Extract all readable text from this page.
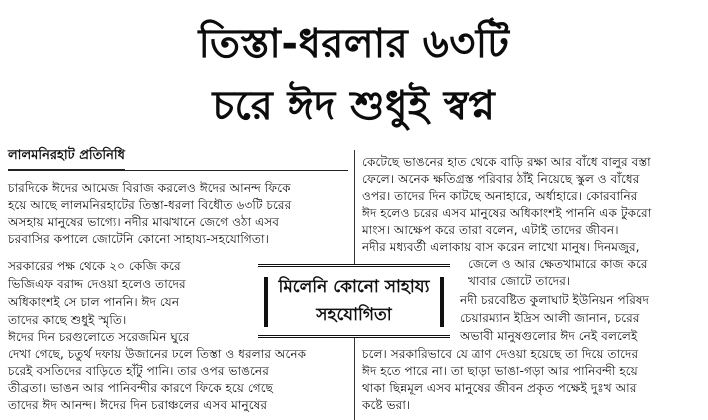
তিস্তা-ধরলার ৬৩টি
চরে ঈদ শুধুই স্বপ্ন
লালমনিরহাট প্রতিনিধি
চারদিকে ঈদের আমেজ বিরাজ করলেও ঈদের আনন্দ ফিকে
হয়ে আছে লালমনিরহাটের তিস্তা-ধরলা বিধৌত ৬৩টি চরের
অসহায় মানুষের ভাগ্যে। নদীর মাঝখানে জেগে ওঠা এসব
চরবাসির কপালে জোটেনি কোনো সাহায্য-সহযোগিতা।
সরকারের পক্ষ থেকে ২০ কেজি করে
ভিজিএফ বরাদ্দ দেওয়া হলেও তাদের
অধিকাংশই সে চাল পাননি। ঈদ যেন
তাদের কাছে শুধুই স্মৃতি।
ঈদের দিন চরগুলোতে সরেজমিন ঘুরে
দেখা গেছে, চতুর্থ দফায় উজানের ঢলে তিস্তা ও ধরলার অনেক
চরেই বসতিদের বাড়িতে হাঁটু পানি। তার ওপর ভাঙনের
তীব্রতা। ভাঙন আর পানিবন্দীর কারণে ফিকে হয়ে গেছে
তাদের ঈদ আনন্দ। ঈদের দিন চরাঞ্চলের এসব মানুষের
কেটেছে ভাঙনের হাত থেকে বাড়ি রক্ষা আর বাঁধে বালুর বস্তা
ফেলে। অনেক ক্ষতিগ্রস্ত পরিবার ঠাঁই নিয়েছে স্কুল ও বাঁধের
ওপর। তাদের দিন কাটছে অনাহারে, অর্ধাহারে। কোরবানির
ঈদ হলেও চরের এসব মানুষের অধিকাংশই পাননি এক টুকরো
মাংস। আক্ষেপ করে তারা বলেন, এটাই তাদের জীবন।
নদীর মধ্যবর্তী এলাকায় বাস করেন লাখো মানুষ। দিনমজুর,
জেলে ও আর ক্ষেতখামারে কাজ করে
খাবার জোটে তাদের।
নদী চরবেষ্টিত কুলাঘাট ইউনিয়ন পরিষদ
চেয়ারম্যান ইদ্রিস আলী জানান, চরের
অভাবী মানুষগুলোর ঈদ নেই বললেই
চলে। সরকারিভাবে যে ত্রাণ দেওয়া হয়েছে তা দিয়ে তাদের
ঈদ হতে পারে না। তা ছাড়া ভাঙা-গড়া আর পানিবন্দী হয়ে
থাকা ছিন্নমূল এসব মানুষের জীবন প্রকৃত পক্ষেই দুঃখ আর
কষ্টে ভরা।
মিলেনি কোনো সাহায্য
সহযোগিতা
